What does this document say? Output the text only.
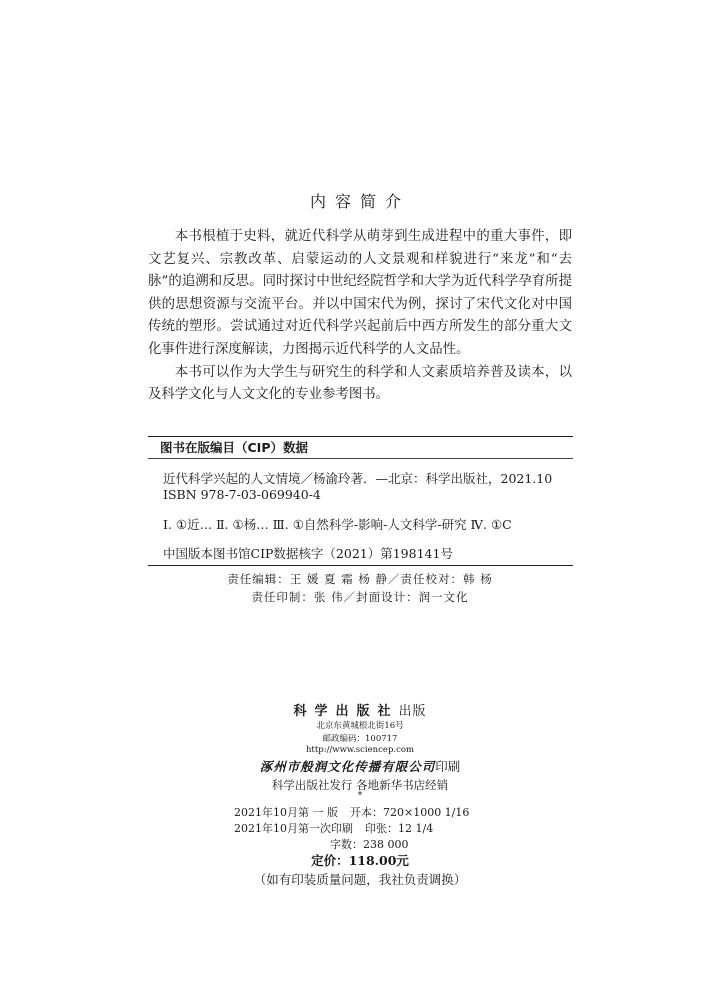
内容简介

本书根植于史料，就近代科学从萌芽到生成进程中的重大事件，即文艺复兴、宗教改革、启蒙运动的人文景观和样貌进行“来龙”和“去脉”的追溯和反思。同时探讨中世纪经院哲学和大学为近代科学孕育所提供的思想资源与交流平台。并以中国宋代为例，探讨了宋代文化对中国传统的塑形。尝试通过对近代科学兴起前后中西方所发生的部分重大文化事件进行深度解读，力图揭示近代科学的人文品性。

本书可以作为大学生与研究生的科学和人文素质培养普及读本，以及科学文化与人文文化的专业参考图书。

图书在版编目（CIP）数据
近代科学兴起的人文情境／杨渝玲著．—北京：科学出版社，2021.10
ISBN 978-7-03-069940-4
Ⅰ. ①近… Ⅱ. ①杨… Ⅲ. ①自然科学-影响-人文科学-研究 Ⅳ. ①C
中国版本图书馆CIP数据核字（2021）第198141号
责任编辑：王 媛 夏 霜 杨 静／责任校对：韩 杨
责任印制：张 伟／封面设计：润一文化
科学出版社出版
北京东黄城根北街16号
邮政编码：100717
http://www.sciencep.com
涿州市般润文化传播有限公司印刷
科学出版社发行 各地新华书店经销
*
2021年10月第 一 版 开本：720×1000 1/16
2021年10月第一次印刷 印张：12 1/4
字数：238 000
定价：118.00元
（如有印装质量问题，我社负责调换）
